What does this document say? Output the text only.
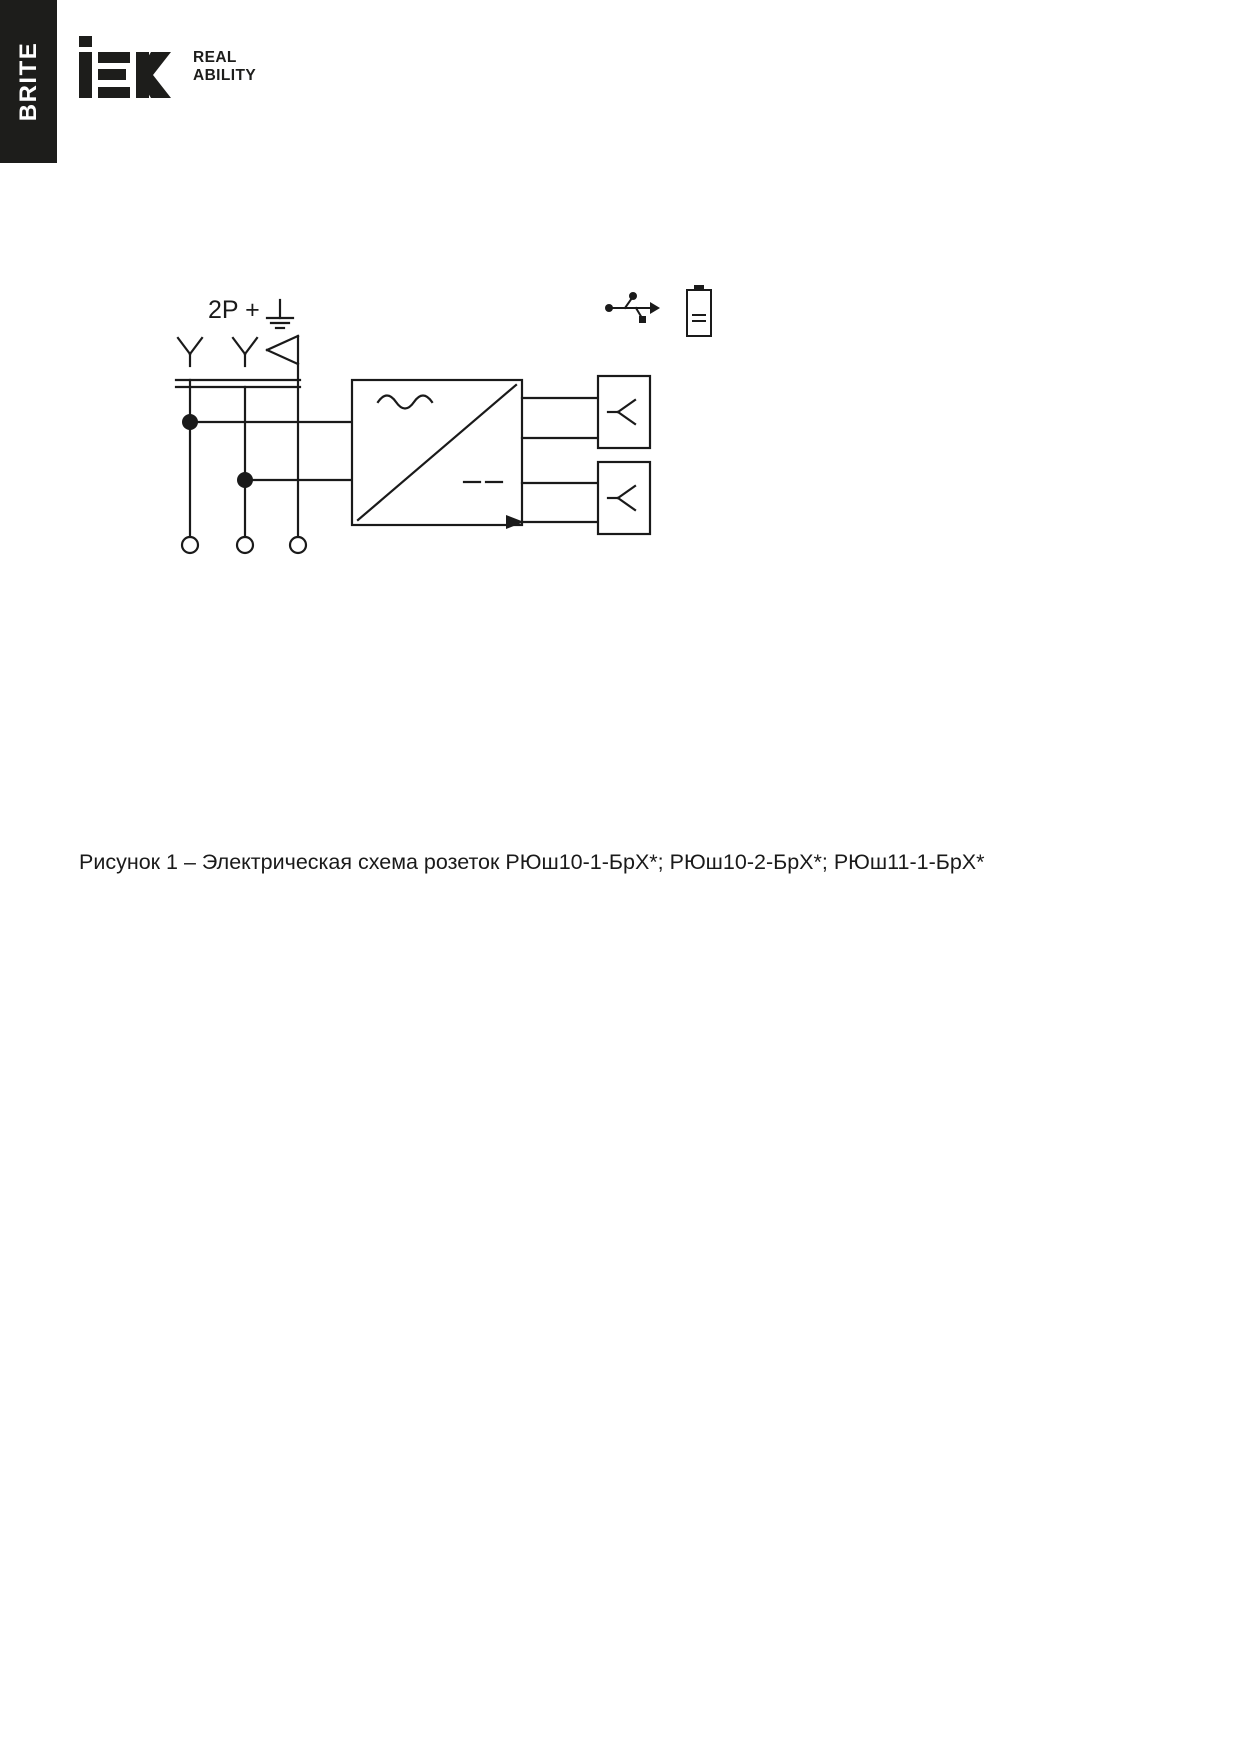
BRITE	REAL
ABILITY
2P +
Рисунок 1 – Электрическая схема розеток РЮш10-1-БрХ*; РЮш10-2-БрХ*; РЮш11-1-БрХ*
